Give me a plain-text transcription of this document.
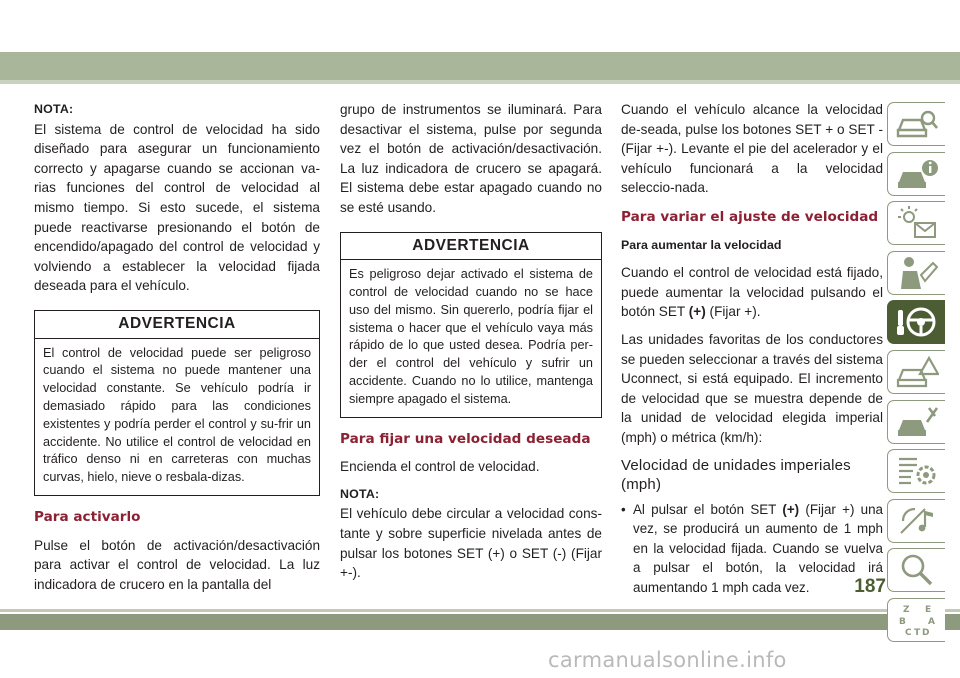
NOTA:

El sistema de control de velocidad ha sido diseñado para asegurar un funcionamiento correcto y apagarse cuando se accionan va-rias funciones del control de velocidad al mismo tiempo. Si esto sucede, el sistema puede reactivarse presionando el botón de encendido/apagado del control de velocidad y volviendo a establecer la velocidad fijada deseada para el vehículo.

ADVERTENCIA
El control de velocidad puede ser peligroso cuando el sistema no puede mantener una velocidad constante. Se vehículo podría ir demasiado rápido para las condiciones existentes y podría perder el control y su-frir un accidente. No utilice el control de velocidad en tráfico denso ni en carreteras con muchas curvas, hielo, nieve o resbala-dizas.
Para activarlo

Pulse el botón de activación/desactivación para activar el control de velocidad. La luz indicadora de crucero en la pantalla del

grupo de instrumentos se iluminará. Para desactivar el sistema, pulse por segunda vez el botón de activación/desactivación. La luz indicadora de crucero se apagará. El sistema debe estar apagado cuando no se esté usando.

ADVERTENCIA
Es peligroso dejar activado el sistema de control de velocidad cuando no se hace uso del mismo. Sin quererlo, podría fijar el sistema o hacer que el vehículo vaya más rápido de lo que usted desea. Podría per-der el control del vehículo y sufrir un accidente. Cuando no lo utilice, mantenga siempre apagado el sistema.
Para fijar una velocidad deseada

Encienda el control de velocidad.

NOTA:

El vehículo debe circular a velocidad cons-tante y sobre superficie nivelada antes de pulsar los botones SET (+) o SET (-) (Fijar +-).

Cuando el vehículo alcance la velocidad de-seada, pulse los botones SET + o SET - (Fijar +-). Levante el pie del acelerador y el vehículo funcionará a la velocidad seleccio-nada.

Para variar el ajuste de velocidad

Para aumentar la velocidad

Cuando el control de velocidad está fijado, puede aumentar la velocidad pulsando el botón SET (+) (Fijar +).

Las unidades favoritas de los conductores se pueden seleccionar a través del sistema Uconnect, si está equipado. El incremento de velocidad que se muestra depende de la unidad de velocidad elegida imperial (mph) o métrica (km/h):

Velocidad de unidades imperiales (mph)

• Al pulsar el botón SET (+) (Fijar +) una vez, se producirá un aumento de 1 mph en la velocidad fijada. Cuando se vuelva a pulsar el botón, la velocidad irá aumentando 1 mph cada vez.

Z E
B A
C D
T
187
carmanualsonline.info
